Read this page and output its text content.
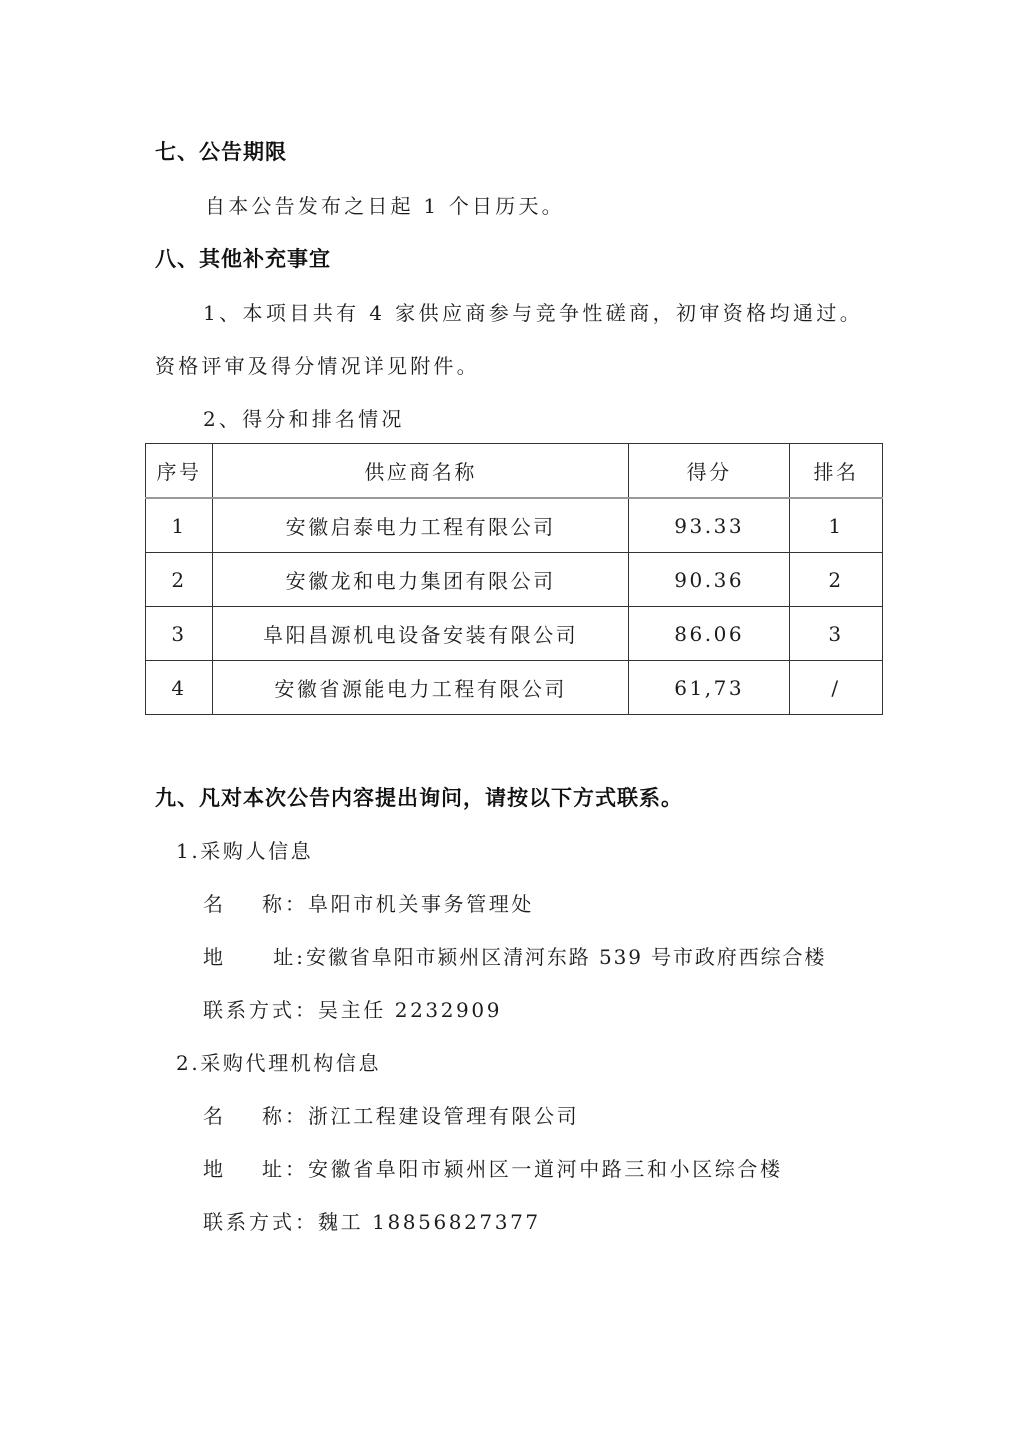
七、公告期限
自本公告发布之日起 1 个日历天。
八、其他补充事宜
1、本项目共有 4 家供应商参与竞争性磋商，初审资格均通过。
资格评审及得分情况详见附件。
2、得分和排名情况
序号	供应商名称	得分	排名
1	安徽启泰电力工程有限公司	93.33	1
2	安徽龙和电力集团有限公司	90.36	2
3	阜阳昌源机电设备安装有限公司	86.06	3
4	安徽省源能电力工程有限公司	61,73	/
九、凡对本次公告内容提出询问，请按以下方式联系。
1.采购人信息
名 称： 阜阳市机关事务管理处
地 址: 安徽省阜阳市颍州区清河东路 539 号市政府西综合楼
联系方式：吴主任 2232909
2.采购代理机构信息
名 称： 浙江工程建设管理有限公司
地 址： 安徽省阜阳市颍州区一道河中路三和小区综合楼
联系方式：魏工 18856827377
